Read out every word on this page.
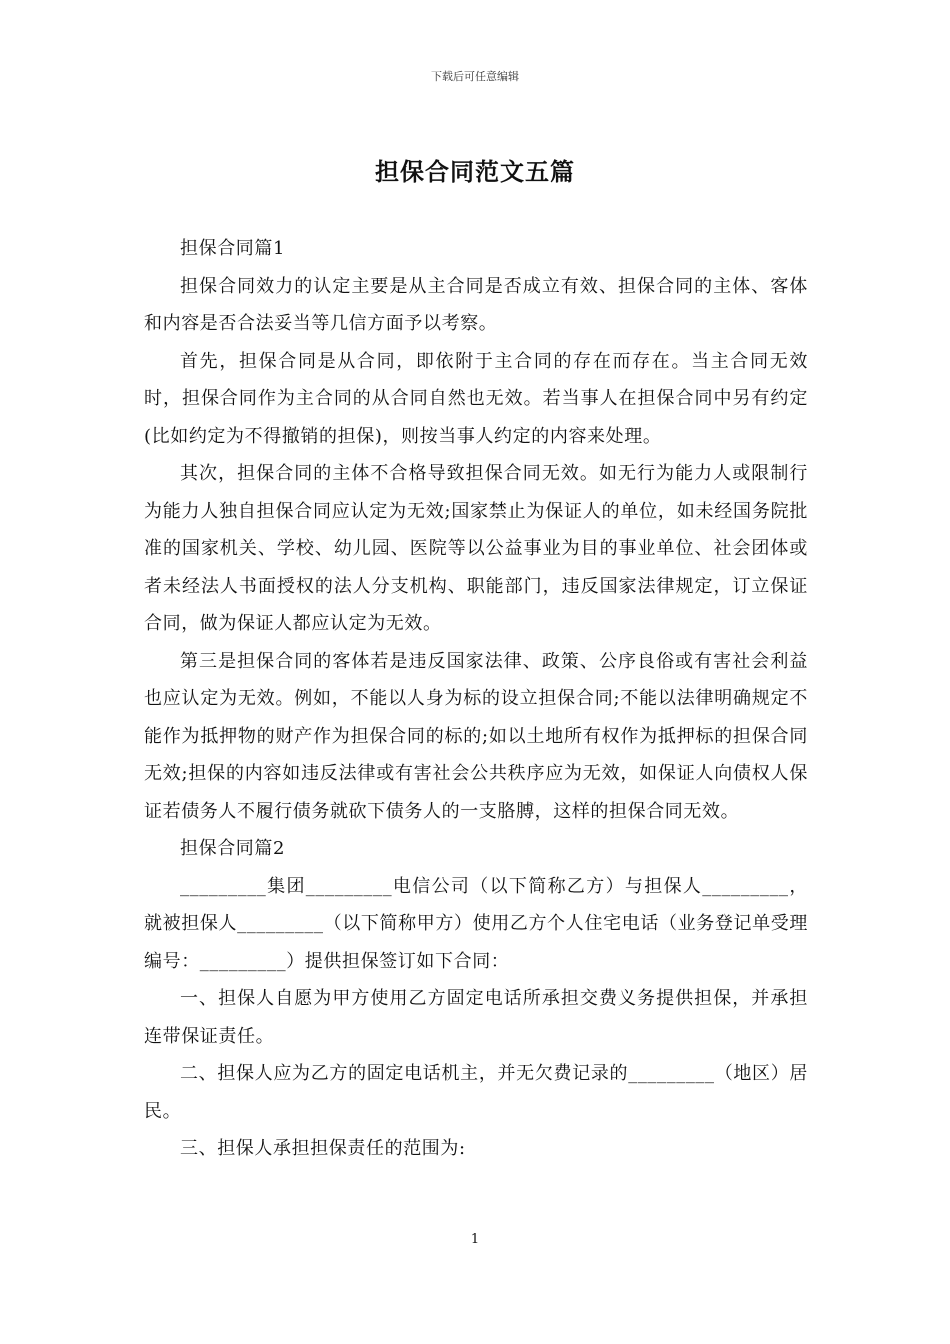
下载后可任意编辑
担保合同范文五篇

担保合同篇1

担保合同效力的认定主要是从主合同是否成立有效、担保合同的主体、客体和内容是否合法妥当等几信方面予以考察。

首先，担保合同是从合同，即依附于主合同的存在而存在。当主合同无效时，担保合同作为主合同的从合同自然也无效。若当事人在担保合同中另有约定(比如约定为不得撤销的担保)，则按当事人约定的内容来处理。

其次，担保合同的主体不合格导致担保合同无效。如无行为能力人或限制行为能力人独自担保合同应认定为无效;国家禁止为保证人的单位，如未经国务院批准的国家机关、学校、幼儿园、医院等以公益事业为目的事业单位、社会团体或者未经法人书面授权的法人分支机构、职能部门，违反国家法律规定，订立保证合同，做为保证人都应认定为无效。

第三是担保合同的客体若是违反国家法律、政策、公序良俗或有害社会利益也应认定为无效。例如，不能以人身为标的设立担保合同;不能以法律明确规定不能作为抵押物的财产作为担保合同的标的;如以土地所有权作为抵押标的担保合同无效;担保的内容如违反法律或有害社会公共秩序应为无效，如保证人向债权人保证若债务人不履行债务就砍下债务人的一支胳膊，这样的担保合同无效。

担保合同篇2

_________集团_________电信公司（以下简称乙方）与担保人_________，就被担保人_________（以下简称甲方）使用乙方个人住宅电话（业务登记单受理编号：_________）提供担保签订如下合同：

一、担保人自愿为甲方使用乙方固定电话所承担交费义务提供担保，并承担连带保证责任。

二、担保人应为乙方的固定电话机主，并无欠费记录的_________（地区）居民。

三、担保人承担担保责任的范围为:

1
